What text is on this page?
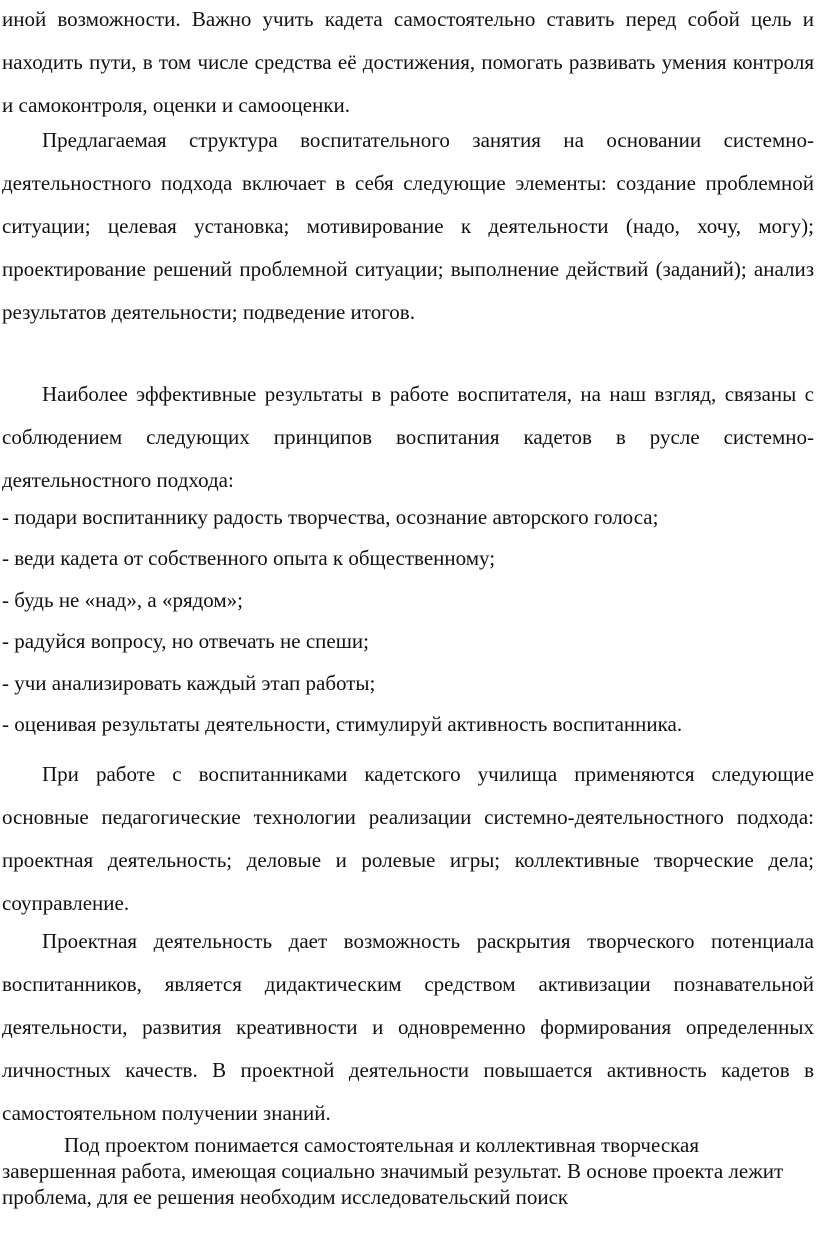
иной возможности. Важно учить кадета самостоятельно ставить перед собой цель и находить пути, в том числе средства её достижения, помогать развивать умения контроля и самоконтроля, оценки и самооценки.

Предлагаемая структура воспитательного занятия на основании системно-деятельностного подхода включает в себя следующие элементы: создание проблемной ситуации; целевая установка; мотивирование к деятельности (надо, хочу, могу); проектирование решений проблемной ситуации; выполнение действий (заданий); анализ результатов деятельности; подведение итогов.

Наиболее эффективные результаты в работе воспитателя, на наш взгляд, связаны с соблюдением следующих принципов воспитания кадетов в русле системно-деятельностного подхода:

- подари воспитаннику радость творчества, осознание авторского голоса;

- веди кадета от собственного опыта к общественному;

- будь не «над», а «рядом»;

- радуйся вопросу, но отвечать не спеши;

- учи анализировать каждый этап работы;

- оценивая результаты деятельности, стимулируй активность воспитанника.

При работе с воспитанниками кадетского училища применяются следующие основные педагогические технологии реализации системно-деятельностного подхода: проектная деятельность; деловые и ролевые игры; коллективные творческие дела; соуправление.

Проектная деятельность дает возможность раскрытия творческого потенциала воспитанников, является дидактическим средством активизации познавательной деятельности, развития креативности и одновременно формирования определенных личностных качеств. В проектной деятельности повышается активность кадетов в самостоятельном получении знаний.

Под проектом понимается самостоятельная и коллективная творческая завершенная работа, имеющая социально значимый результат. В основе проекта лежит проблема, для ее решения необходим исследовательский поиск
